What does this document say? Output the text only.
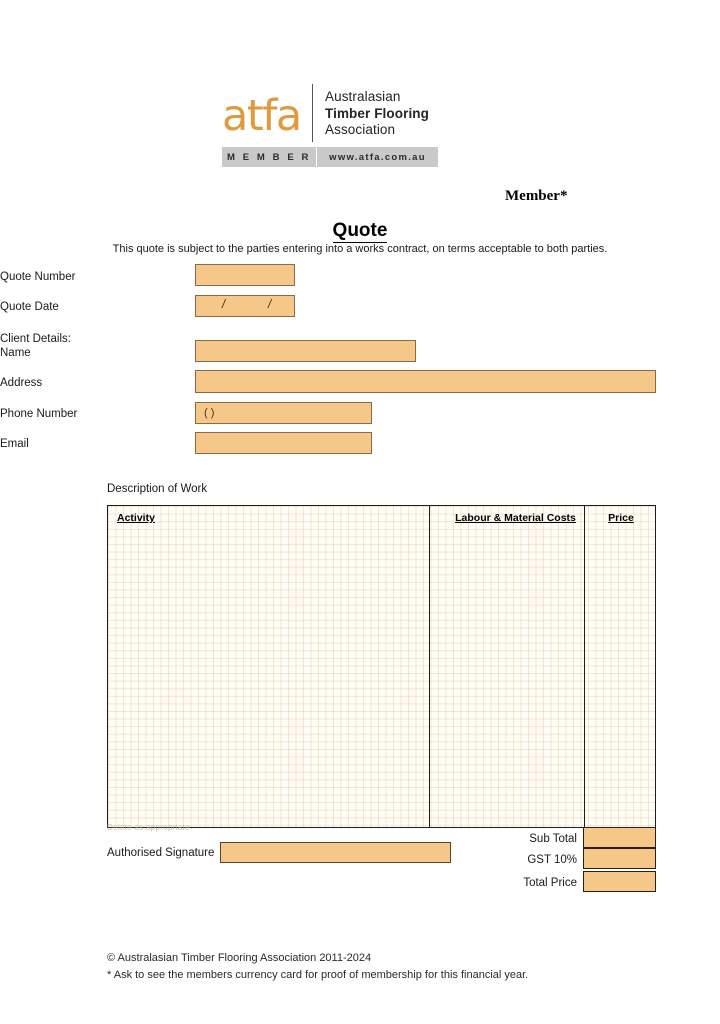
atfa Australasian
Timber Flooring
Association
M E M B E R	www.atfa.com.au
Member*
Quote
This quote is subject to the parties entering into a works contract, on terms acceptable to both parties.
Quote Number
Quote Date	/	/
Client Details:
Name
Address
Phone Number	( )
Email
Description of Work
Activity	Labour & Material Costs	Price
Delete as appropriate
Authorised Signature
Sub Total
GST 10%
Total Price
© Australasian Timber Flooring Association 2011-2024
* Ask to see the members currency card for proof of membership for this financial year.
